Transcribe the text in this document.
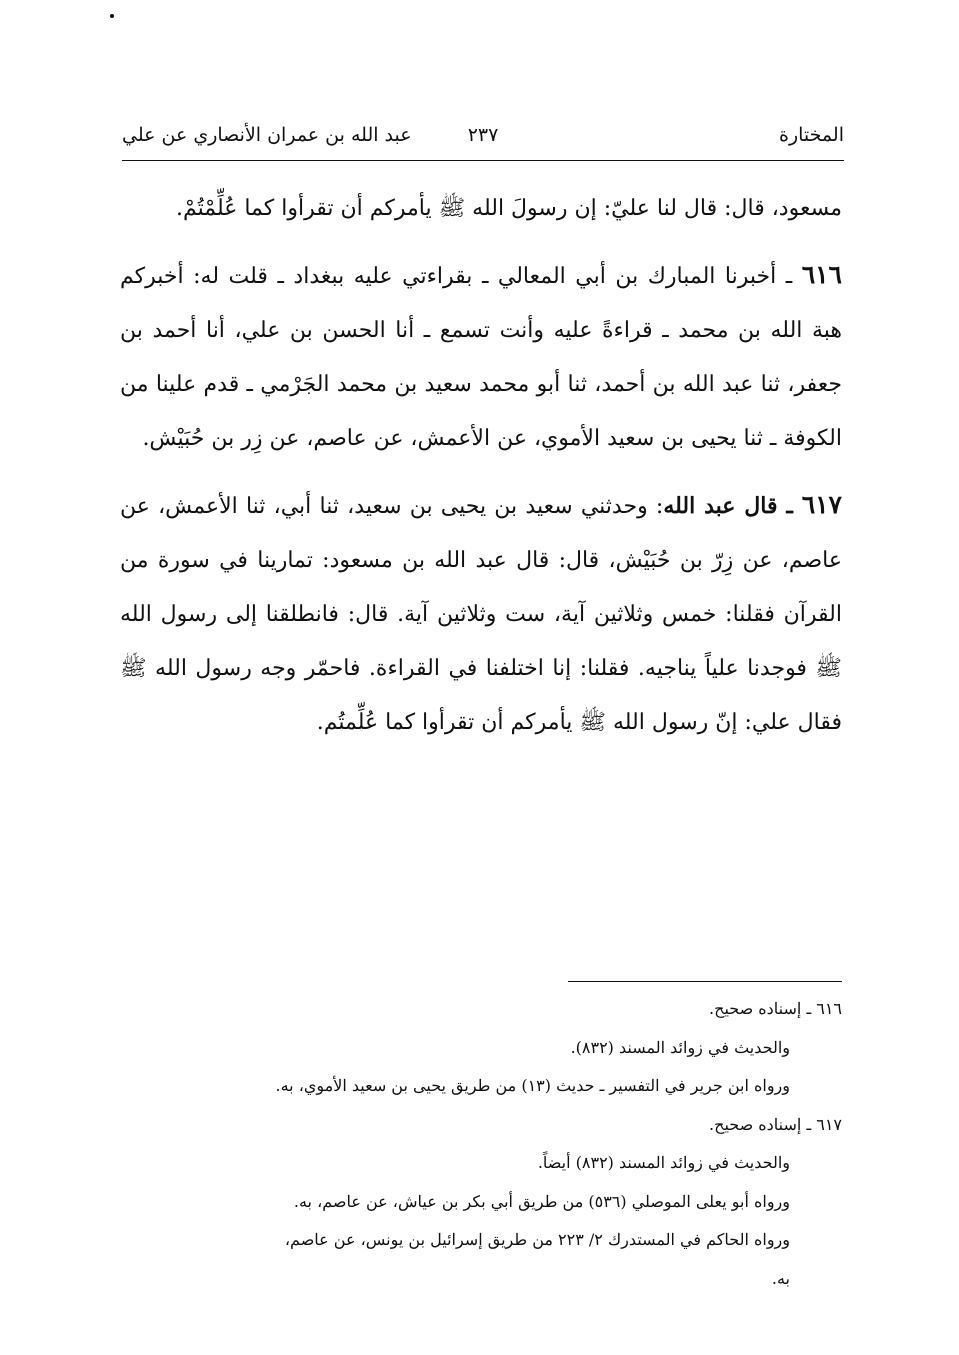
المختارة
٢٣٧
عبد الله بن عمران الأنصاري عن علي

مسعود، قال: قال لنا عليّ: إن رسولَ الله ﷺ يأمركم أن تقرأوا كما عُلِّمْتُمْ.

٦١٦ ـ أخبرنا المبارك بن أبي المعالي ـ بقراءتي عليه ببغداد ـ قلت له: أخبركم هبة الله بن محمد ـ قراءةً عليه وأنت تسمع ـ أنا الحسن بن علي، أنا أحمد بن جعفر، ثنا عبد الله بن أحمد، ثنا أبو محمد سعيد بن محمد الجَرْمي ـ قدم علينا من الكوفة ـ ثنا يحيى بن سعيد الأموي، عن الأعمش، عن عاصم، عن زِر بن حُبَيْش.

٦١٧ ـ قال عبد الله: وحدثني سعيد بن يحيى بن سعيد، ثنا أبي، ثنا الأعمش، عن عاصم، عن زِرّ بن حُبَيْش، قال: قال عبد الله بن مسعود: تمارينا في سورة من القرآن فقلنا: خمس وثلاثين آية، ست وثلاثين آية. قال: فانطلقنا إلى رسول الله ﷺ فوجدنا علياً يناجيه. فقلنا: إنا اختلفنا في القراءة. فاحمّر وجه رسول الله ﷺ فقال علي: إنّ رسول الله ﷺ يأمركم أن تقرأوا كما عُلِّمتُم.

٦١٦ ـ إسناده صحيح.
والحديث في زوائد المسند (٨٣٢).
ورواه ابن جرير في التفسير ـ حديث (١٣) من طريق يحيى بن سعيد الأموي، به.
٦١٧ ـ إسناده صحيح.
والحديث في زوائد المسند (٨٣٢) أيضاً.
ورواه أبو يعلى الموصلي (٥٣٦) من طريق أبي بكر بن عياش، عن عاصم، به.
ورواه الحاكم في المستدرك ٢/ ٢٢٣ من طريق إسرائيل بن يونس، عن عاصم،
به.
